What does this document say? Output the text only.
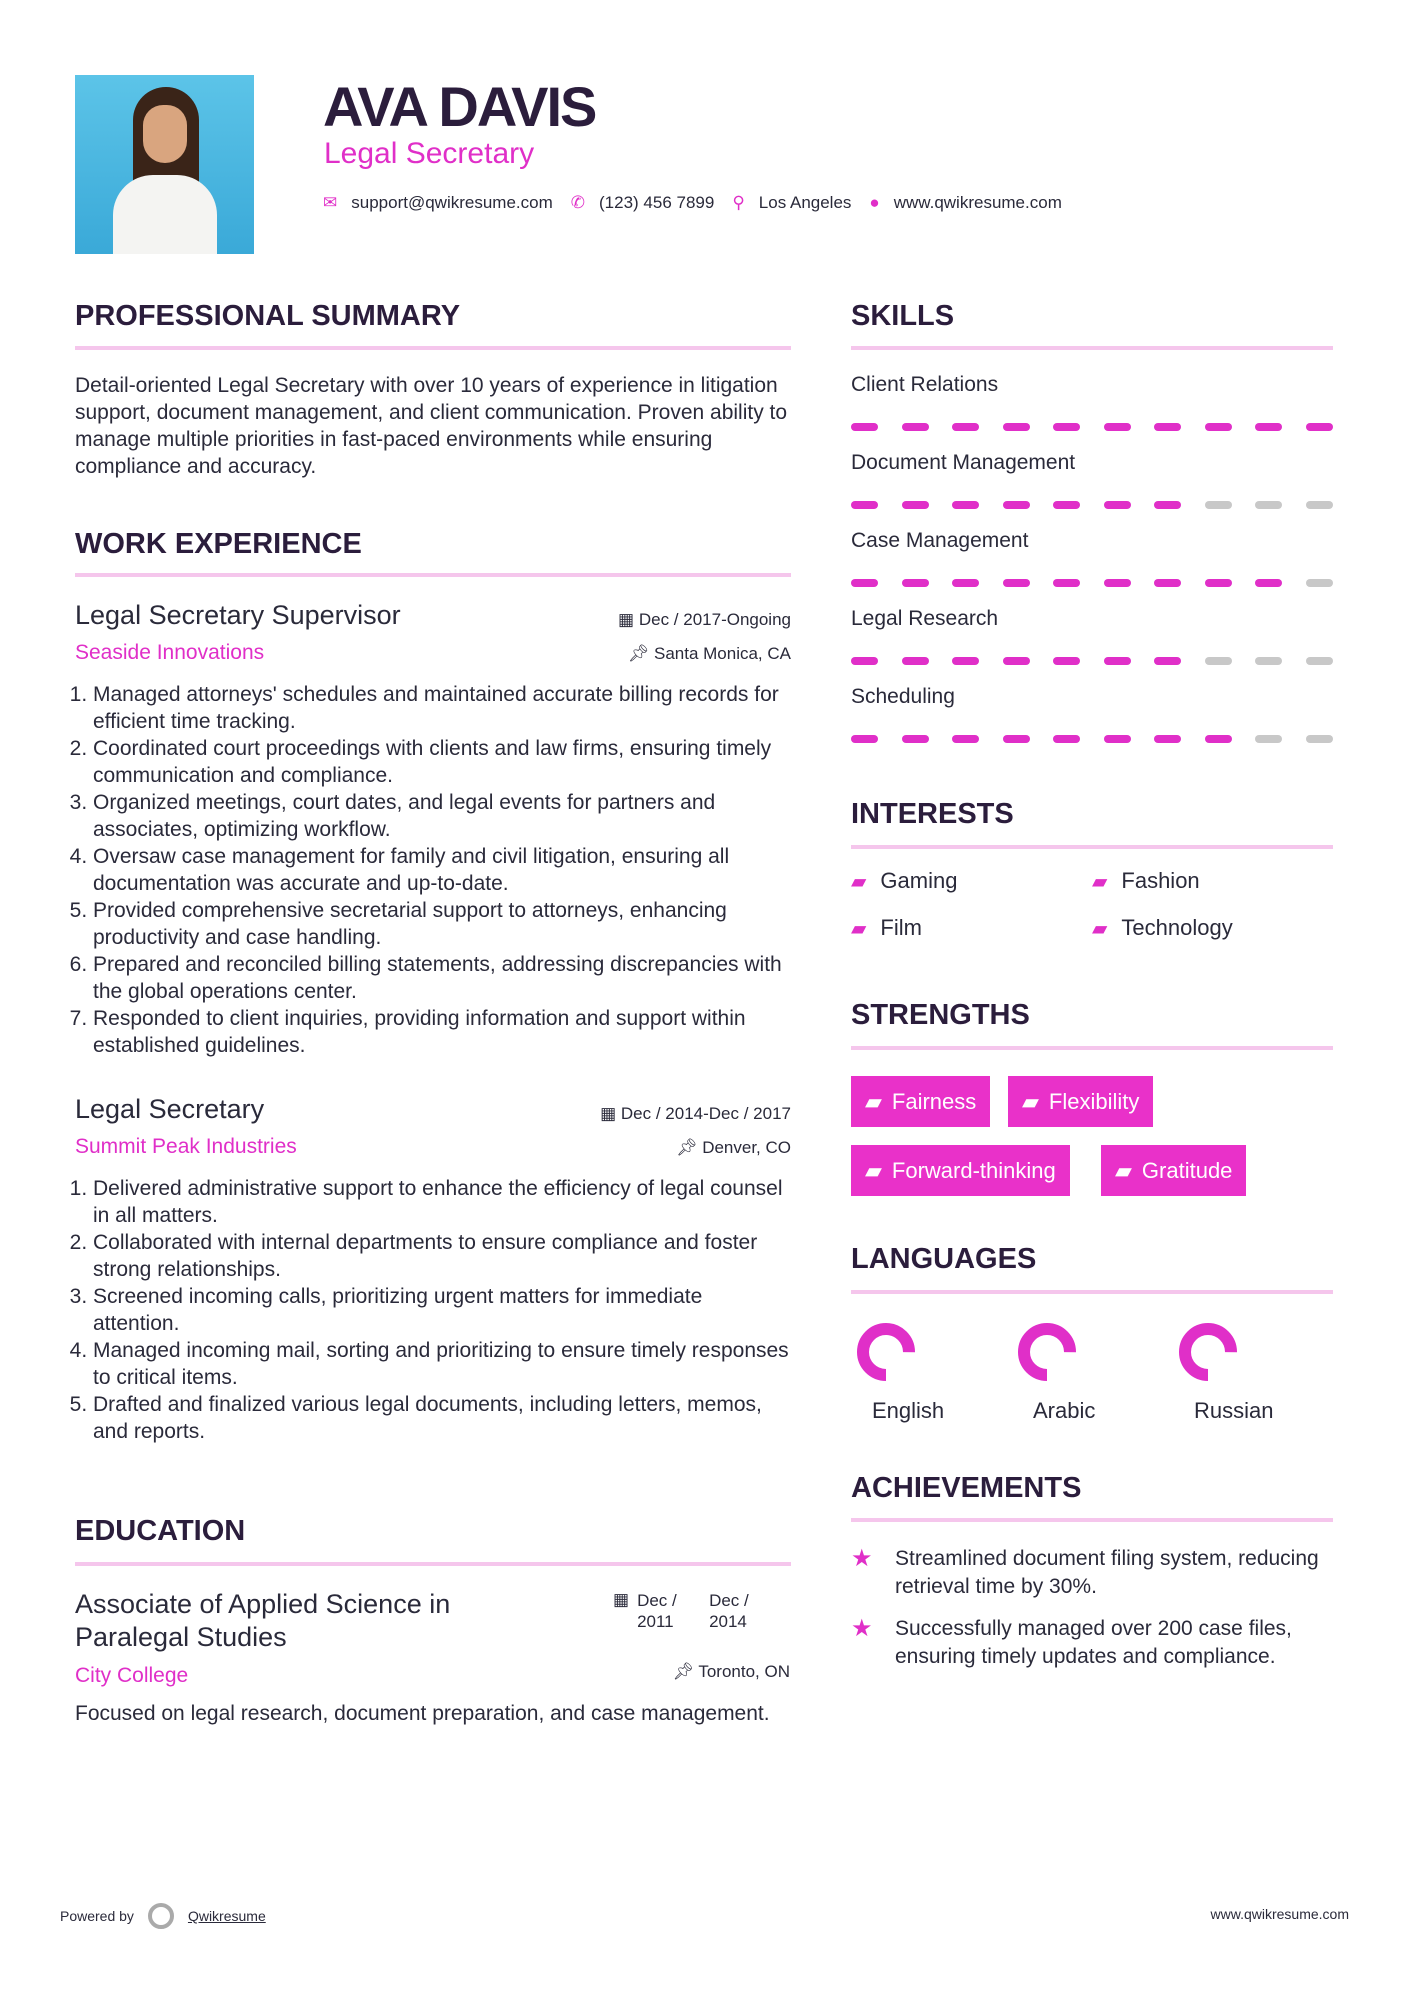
AVA DAVIS
Legal Secretary
✉ support@qwikresume.com ✆ (123) 456 7899 ⚲ Los Angeles ● www.qwikresume.com
PROFESSIONAL SUMMARY

Detail-oriented Legal Secretary with over 10 years of experience in litigation support, document management, and client communication. Proven ability to manage multiple priorities in fast-paced environments while ensuring compliance and accuracy.

WORK EXPERIENCE
Legal Secretary Supervisor	▦ Dec / 2017-Ongoing
Seaside Innovations	📌︎ Santa Monica, CA
1. Managed attorneys' schedules and maintained accurate billing records for efficient time tracking.
2. Coordinated court proceedings with clients and law firms, ensuring timely communication and compliance.
3. Organized meetings, court dates, and legal events for partners and associates, optimizing workflow.
4. Oversaw case management for family and civil litigation, ensuring all documentation was accurate and up-to-date.
5. Provided comprehensive secretarial support to attorneys, enhancing productivity and case handling.
6. Prepared and reconciled billing statements, addressing discrepancies with the global operations center.
7. Responded to client inquiries, providing information and support within established guidelines.
Legal Secretary	▦ Dec / 2014-Dec / 2017
Summit Peak Industries	📌︎ Denver, CO
1. Delivered administrative support to enhance the efficiency of legal counsel in all matters.
2. Collaborated with internal departments to ensure compliance and foster strong relationships.
3. Screened incoming calls, prioritizing urgent matters for immediate attention.
4. Managed incoming mail, sorting and prioritizing to ensure timely responses to critical items.
5. Drafted and finalized various legal documents, including letters, memos, and reports.
EDUCATION
Associate of Applied Science in Paralegal Studies
▦ Dec / 2011
Dec / 2014
City College	📌︎ Toronto, ON

Focused on legal research, document preparation, and case management.

SKILLS
Client Relations
Document Management
Case Management
Legal Research
Scheduling
INTERESTS
▰ Gaming	▰ Fashion
▰ Film	▰ Technology
STRENGTHS
▰ Fairness ▰ Flexibility
▰ Forward-thinking	▰ Gratitude
LANGUAGES
English	Arabic	Russian
ACHIEVEMENTS
★	Streamlined document filing system, reducing retrieval time by 30%.
★	Successfully managed over 200 case files, ensuring timely updates and compliance.
Powered by	Qwikresume	www.qwikresume.com
